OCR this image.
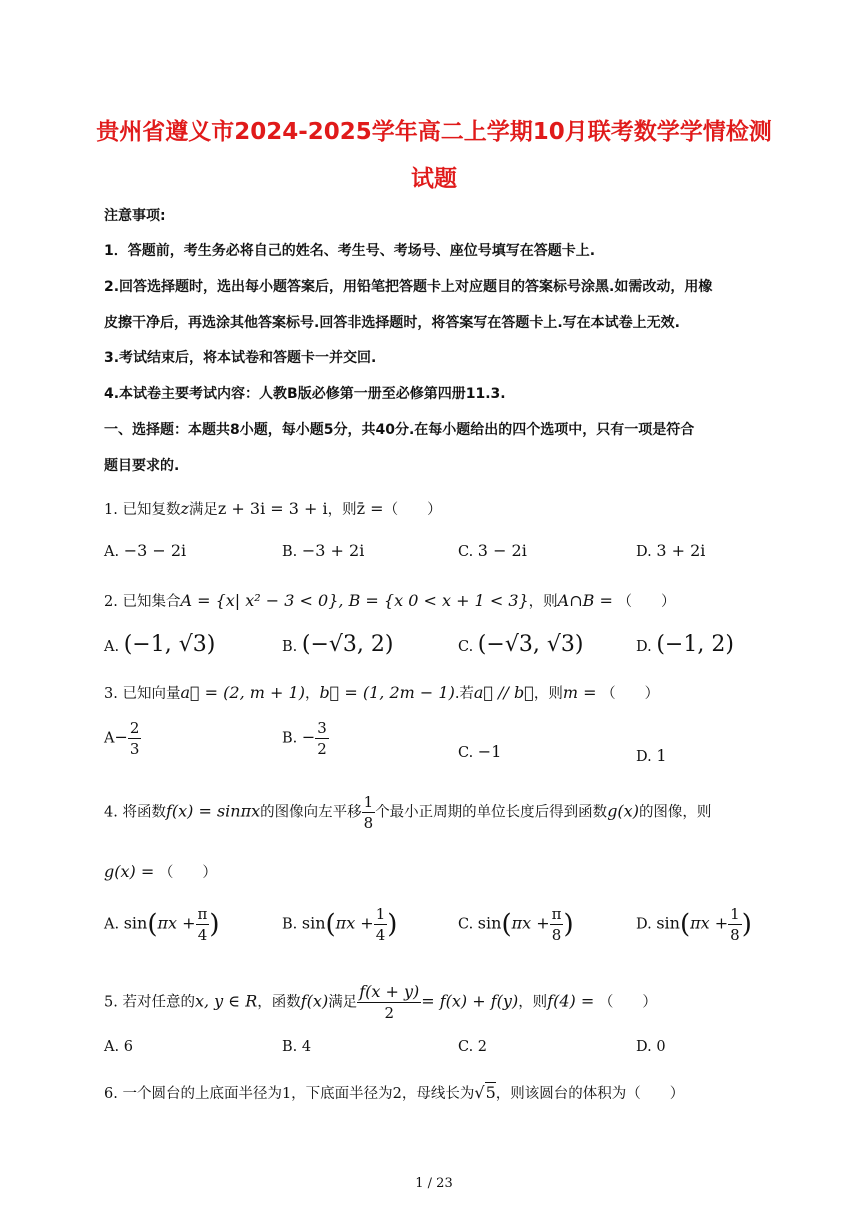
贵州省遵义市2024-2025学年高二上学期10月联考数学学情检测
试题
注意事项:
1．答题前，考生务必将自己的姓名、考生号、考场号、座位号填写在答题卡上.
2.回答选择题时，选出每小题答案后，用铅笔把答题卡上对应题目的答案标号涂黑.如需改动，用橡
皮擦干净后，再选涂其他答案标号.回答非选择题时，将答案写在答题卡上.写在本试卷上无效.
3.考试结束后，将本试卷和答题卡一并交回.
4.本试卷主要考试内容：人教B版必修第一册至必修第四册11.3.
一、选择题：本题共8小题，每小题5分，共40分.在每小题给出的四个选项中，只有一项是符合
题目要求的.
1. 已知复数z满足z + 3i = 3 + i，则z̄ =（　　）
A. −3 − 2i	B. −3 + 2i	C. 3 − 2i	D. 3 + 2i
2. 已知集合A = {x| x² − 3 < 0}, B = {x 0 < x + 1 < 3}，则A∩B = （　　）
A. (−1, √3)	B. (−√3, 2)	C. (−√3, √3)	D. (−1, 2)
3. 已知向量a⃗ = (2, m + 1)，b⃗ = (1, 2m − 1).若a⃗ // b⃗，则m = （　　）
$A- \frac{2}{3}$	B. − $\frac{3}{2}$	C. −1	D. 1
4. 将函数f(x) = sinπx的图像向左平移 $\frac{1}{8}$ 个最小正周期的单位长度后得到函数g(x)的图像，则
g(x) = （　　）
A. $\sin(\pi x + \frac{\pi}{4}$ )	B. $\sin(\pi x + \frac{1}{4}$ )	C. $\sin(\pi x + \frac{\pi}{8}$ )	D. $\sin(\pi x + \frac{1}{8}$ )
5. 若对任意的x, y ∈ R，函数f(x)满足 $\frac{f(x + y)}{2} = f(x) + f(y)$，则f(4) = （　　）
A. 6	B. 4	C. 2	D. 0
6. 一个圆台的上底面半径为1，下底面半径为2，母线长为√5，则该圆台的体积为（　　）
1 / 23
